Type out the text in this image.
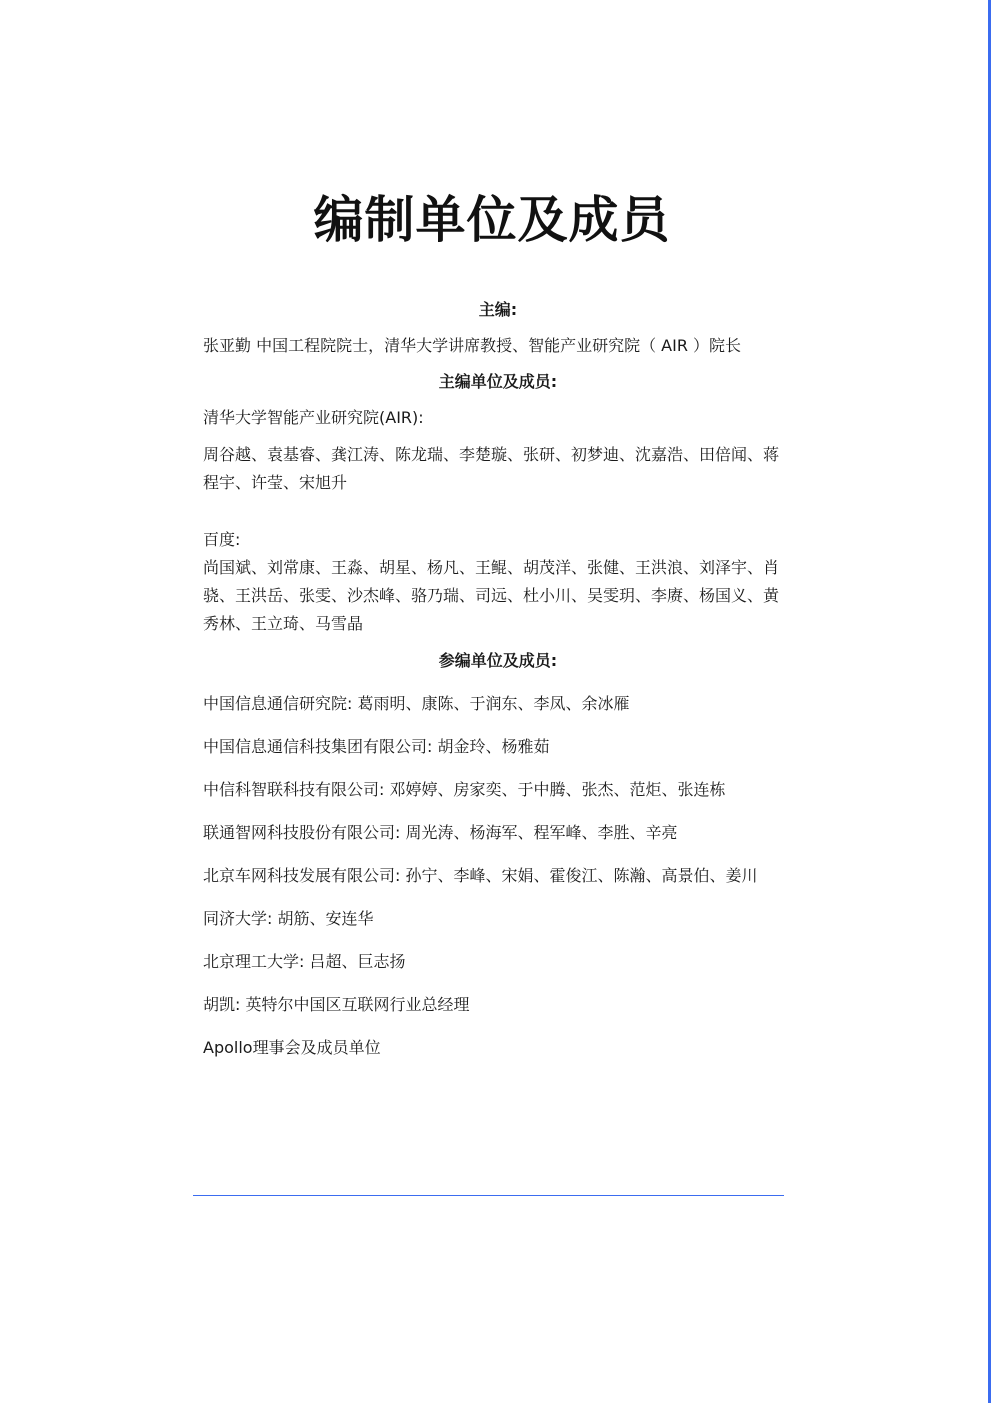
编制单位及成员

主编:

张亚勤 中国工程院院士，清华大学讲席教授、智能产业研究院（ AIR ）院长

主编单位及成员:

清华大学智能产业研究院(AIR):

周谷越、袁基睿、龚江涛、陈龙瑞、李楚璇、张研、初梦迪、沈嘉浩、田倍闻、蒋程宇、许莹、宋旭升

百度:

尚国斌、刘常康、王淼、胡星、杨凡、王鲲、胡茂洋、张健、王洪浪、刘泽宇、肖骁、王洪岳、张雯、沙杰峰、骆乃瑞、司远、杜小川、吴雯玥、李赓、杨国义、黄秀林、王立琦、马雪晶

参编单位及成员:

中国信息通信研究院: 葛雨明、康陈、于润东、李凤、余冰雁

中国信息通信科技集团有限公司: 胡金玲、杨雅茹

中信科智联科技有限公司: 邓婷婷、房家奕、于中腾、张杰、范炬、张连栋

联通智网科技股份有限公司: 周光涛、杨海军、程军峰、李胜、辛亮

北京车网科技发展有限公司: 孙宁、李峰、宋娟、霍俊江、陈瀚、高景伯、姜川

同济大学: 胡筋、安连华

北京理工大学: 吕超、巨志扬

胡凯: 英特尔中国区互联网行业总经理

Apollo理事会及成员单位
